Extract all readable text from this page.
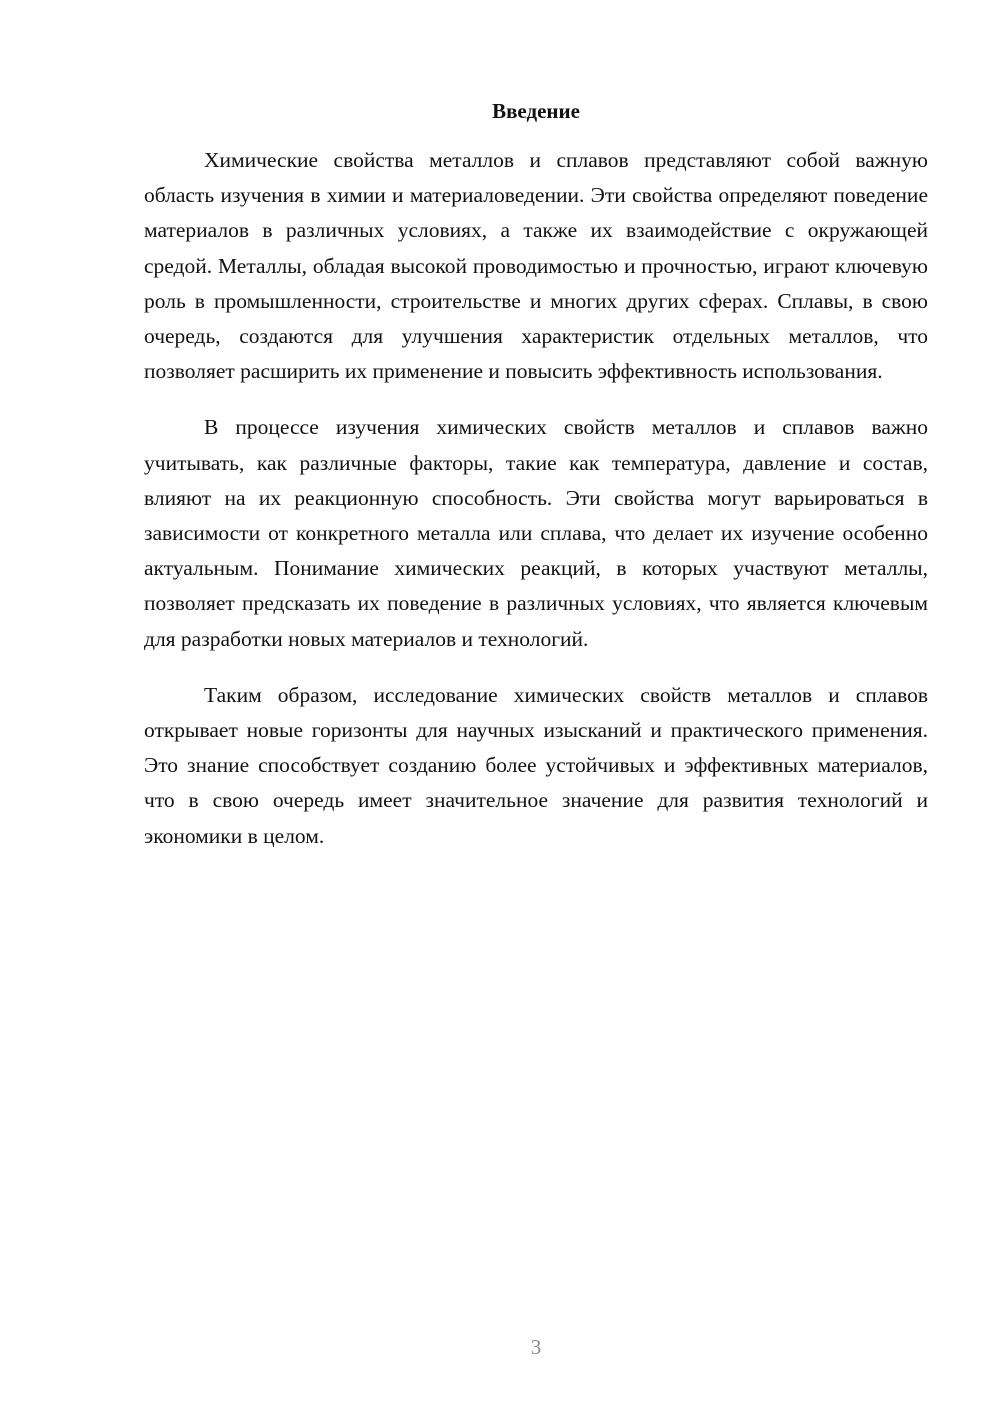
Введение

Химические свойства металлов и сплавов представляют собой важную область изучения в химии и материаловедении. Эти свойства определяют поведение материалов в различных условиях, а также их взаимодействие с окружающей средой. Металлы, обладая высокой проводимостью и прочностью, играют ключевую роль в промышленности, строительстве и многих других сферах. Сплавы, в свою очередь, создаются для улучшения характеристик отдельных металлов, что позволяет расширить их применение и повысить эффективность использования.

В процессе изучения химических свойств металлов и сплавов важно учитывать, как различные факторы, такие как температура, давление и состав, влияют на их реакционную способность. Эти свойства могут варьироваться в зависимости от конкретного металла или сплава, что делает их изучение особенно актуальным. Понимание химических реакций, в которых участвуют металлы, позволяет предсказать их поведение в различных условиях, что является ключевым для разработки новых материалов и технологий.

Таким образом, исследование химических свойств металлов и сплавов открывает новые горизонты для научных изысканий и практического применения. Это знание способствует созданию более устойчивых и эффективных материалов, что в свою очередь имеет значительное значение для развития технологий и экономики в целом.

3
